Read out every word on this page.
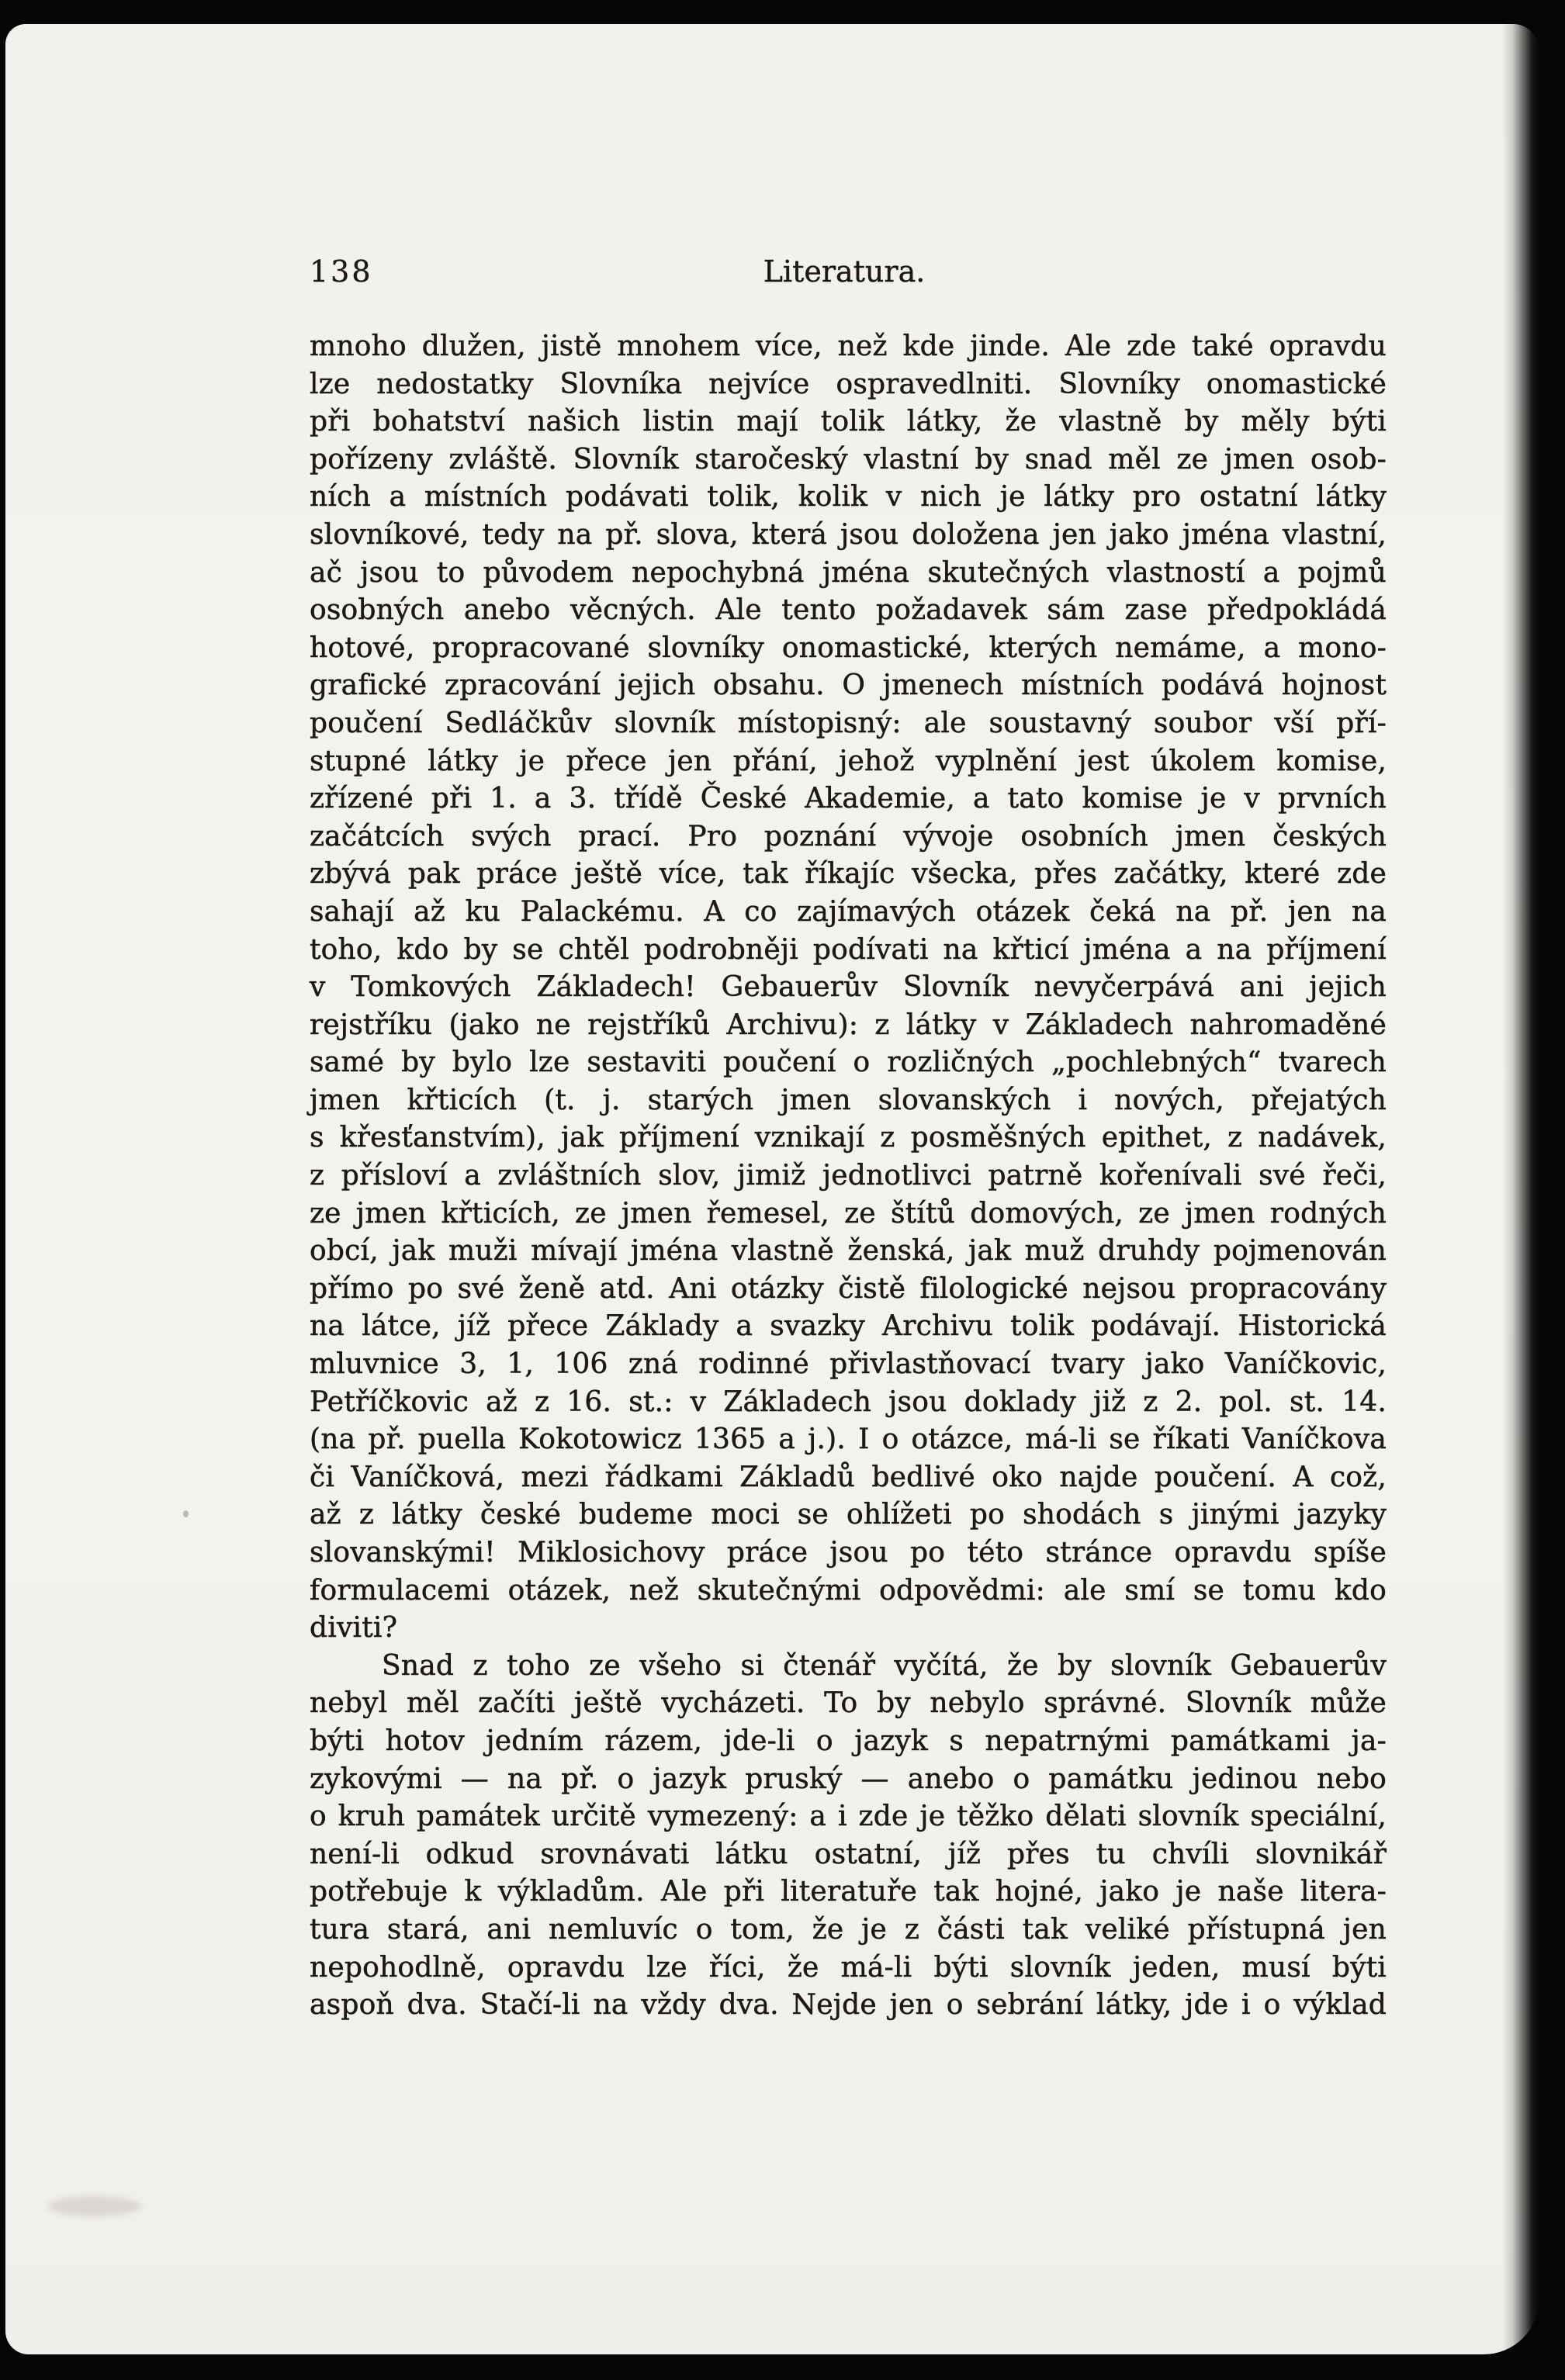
138	Literatura.
mnoho dlužen, jistě mnohem více, než kde jinde. Ale zde také opravdu
lze nedostatky Slovníka nejvíce ospravedlniti. Slovníky onomastické
při bohatství našich listin mají tolik látky, že vlastně by měly býti
pořízeny zvláště. Slovník staročeský vlastní by snad měl ze jmen osob-
ních a místních podávati tolik, kolik v nich je látky pro ostatní látky
slovníkové, tedy na př. slova, která jsou doložena jen jako jména vlastní,
ač jsou to původem nepochybná jména skutečných vlastností a pojmů
osobných anebo věcných. Ale tento požadavek sám zase předpokládá
hotové, propracované slovníky onomastické, kterých nemáme, a mono-
grafické zpracování jejich obsahu. O jmenech místních podává hojnost
poučení Sedláčkův slovník místopisný: ale soustavný soubor vší pří-
stupné látky je přece jen přání, jehož vyplnění jest úkolem komise,
zřízené při 1. a 3. třídě České Akademie, a tato komise je v prvních
začátcích svých prací. Pro poznání vývoje osobních jmen českých
zbývá pak práce ještě více, tak říkajíc všecka, přes začátky, které zde
sahají až ku Palackému. A co zajímavých otázek čeká na př. jen na
toho, kdo by se chtěl podrobněji podívati na křticí jména a na příjmení
v Tomkových Základech! Gebauerův Slovník nevyčerpává ani jejich
rejstříku (jako ne rejstříků Archivu): z látky v Základech nahromaděné
samé by bylo lze sestaviti poučení o rozličných „pochlebných“ tvarech
jmen křticích (t. j. starých jmen slovanských i nových, přejatých
s křesťanstvím), jak příjmení vznikají z posměšných epithet, z nadávek,
z přísloví a zvláštních slov, jimiž jednotlivci patrně kořenívali své řeči,
ze jmen křticích, ze jmen řemesel, ze štítů domových, ze jmen rodných
obcí, jak muži mívají jména vlastně ženská, jak muž druhdy pojmenován
přímo po své ženě atd. Ani otázky čistě filologické nejsou propracovány
na látce, jíž přece Základy a svazky Archivu tolik podávají. Historická
mluvnice 3, 1, 106 zná rodinné přivlastňovací tvary jako Vaníčkovic,
Petříčkovic až z 16. st.: v Základech jsou doklady již z 2. pol. st. 14.
(na př. puella Kokotowicz 1365 a j.). I o otázce, má-li se říkati Vaníčkova
či Vaníčková, mezi řádkami Základů bedlivé oko najde poučení. A což,
až z látky české budeme moci se ohlížeti po shodách s jinými jazyky
slovanskými! Miklosichovy práce jsou po této stránce opravdu spíše
formulacemi otázek, než skutečnými odpovědmi: ale smí se tomu kdo
diviti?
Snad z toho ze všeho si čtenář vyčítá, že by slovník Gebauerův
nebyl měl začíti ještě vycházeti. To by nebylo správné. Slovník může
býti hotov jedním rázem, jde-li o jazyk s nepatrnými památkami ja-
zykovými — na př. o jazyk pruský — anebo o památku jedinou nebo
o kruh památek určitě vymezený: a i zde je těžko dělati slovník speciální,
není-li odkud srovnávati látku ostatní, jíž přes tu chvíli slovnikář
potřebuje k výkladům. Ale při literatuře tak hojné, jako je naše litera-
tura stará, ani nemluvíc o tom, že je z části tak veliké přístupná jen
nepohodlně, opravdu lze říci, že má-li býti slovník jeden, musí býti
aspoň dva. Stačí-li na vždy dva. Nejde jen o sebrání látky, jde i o výklad
